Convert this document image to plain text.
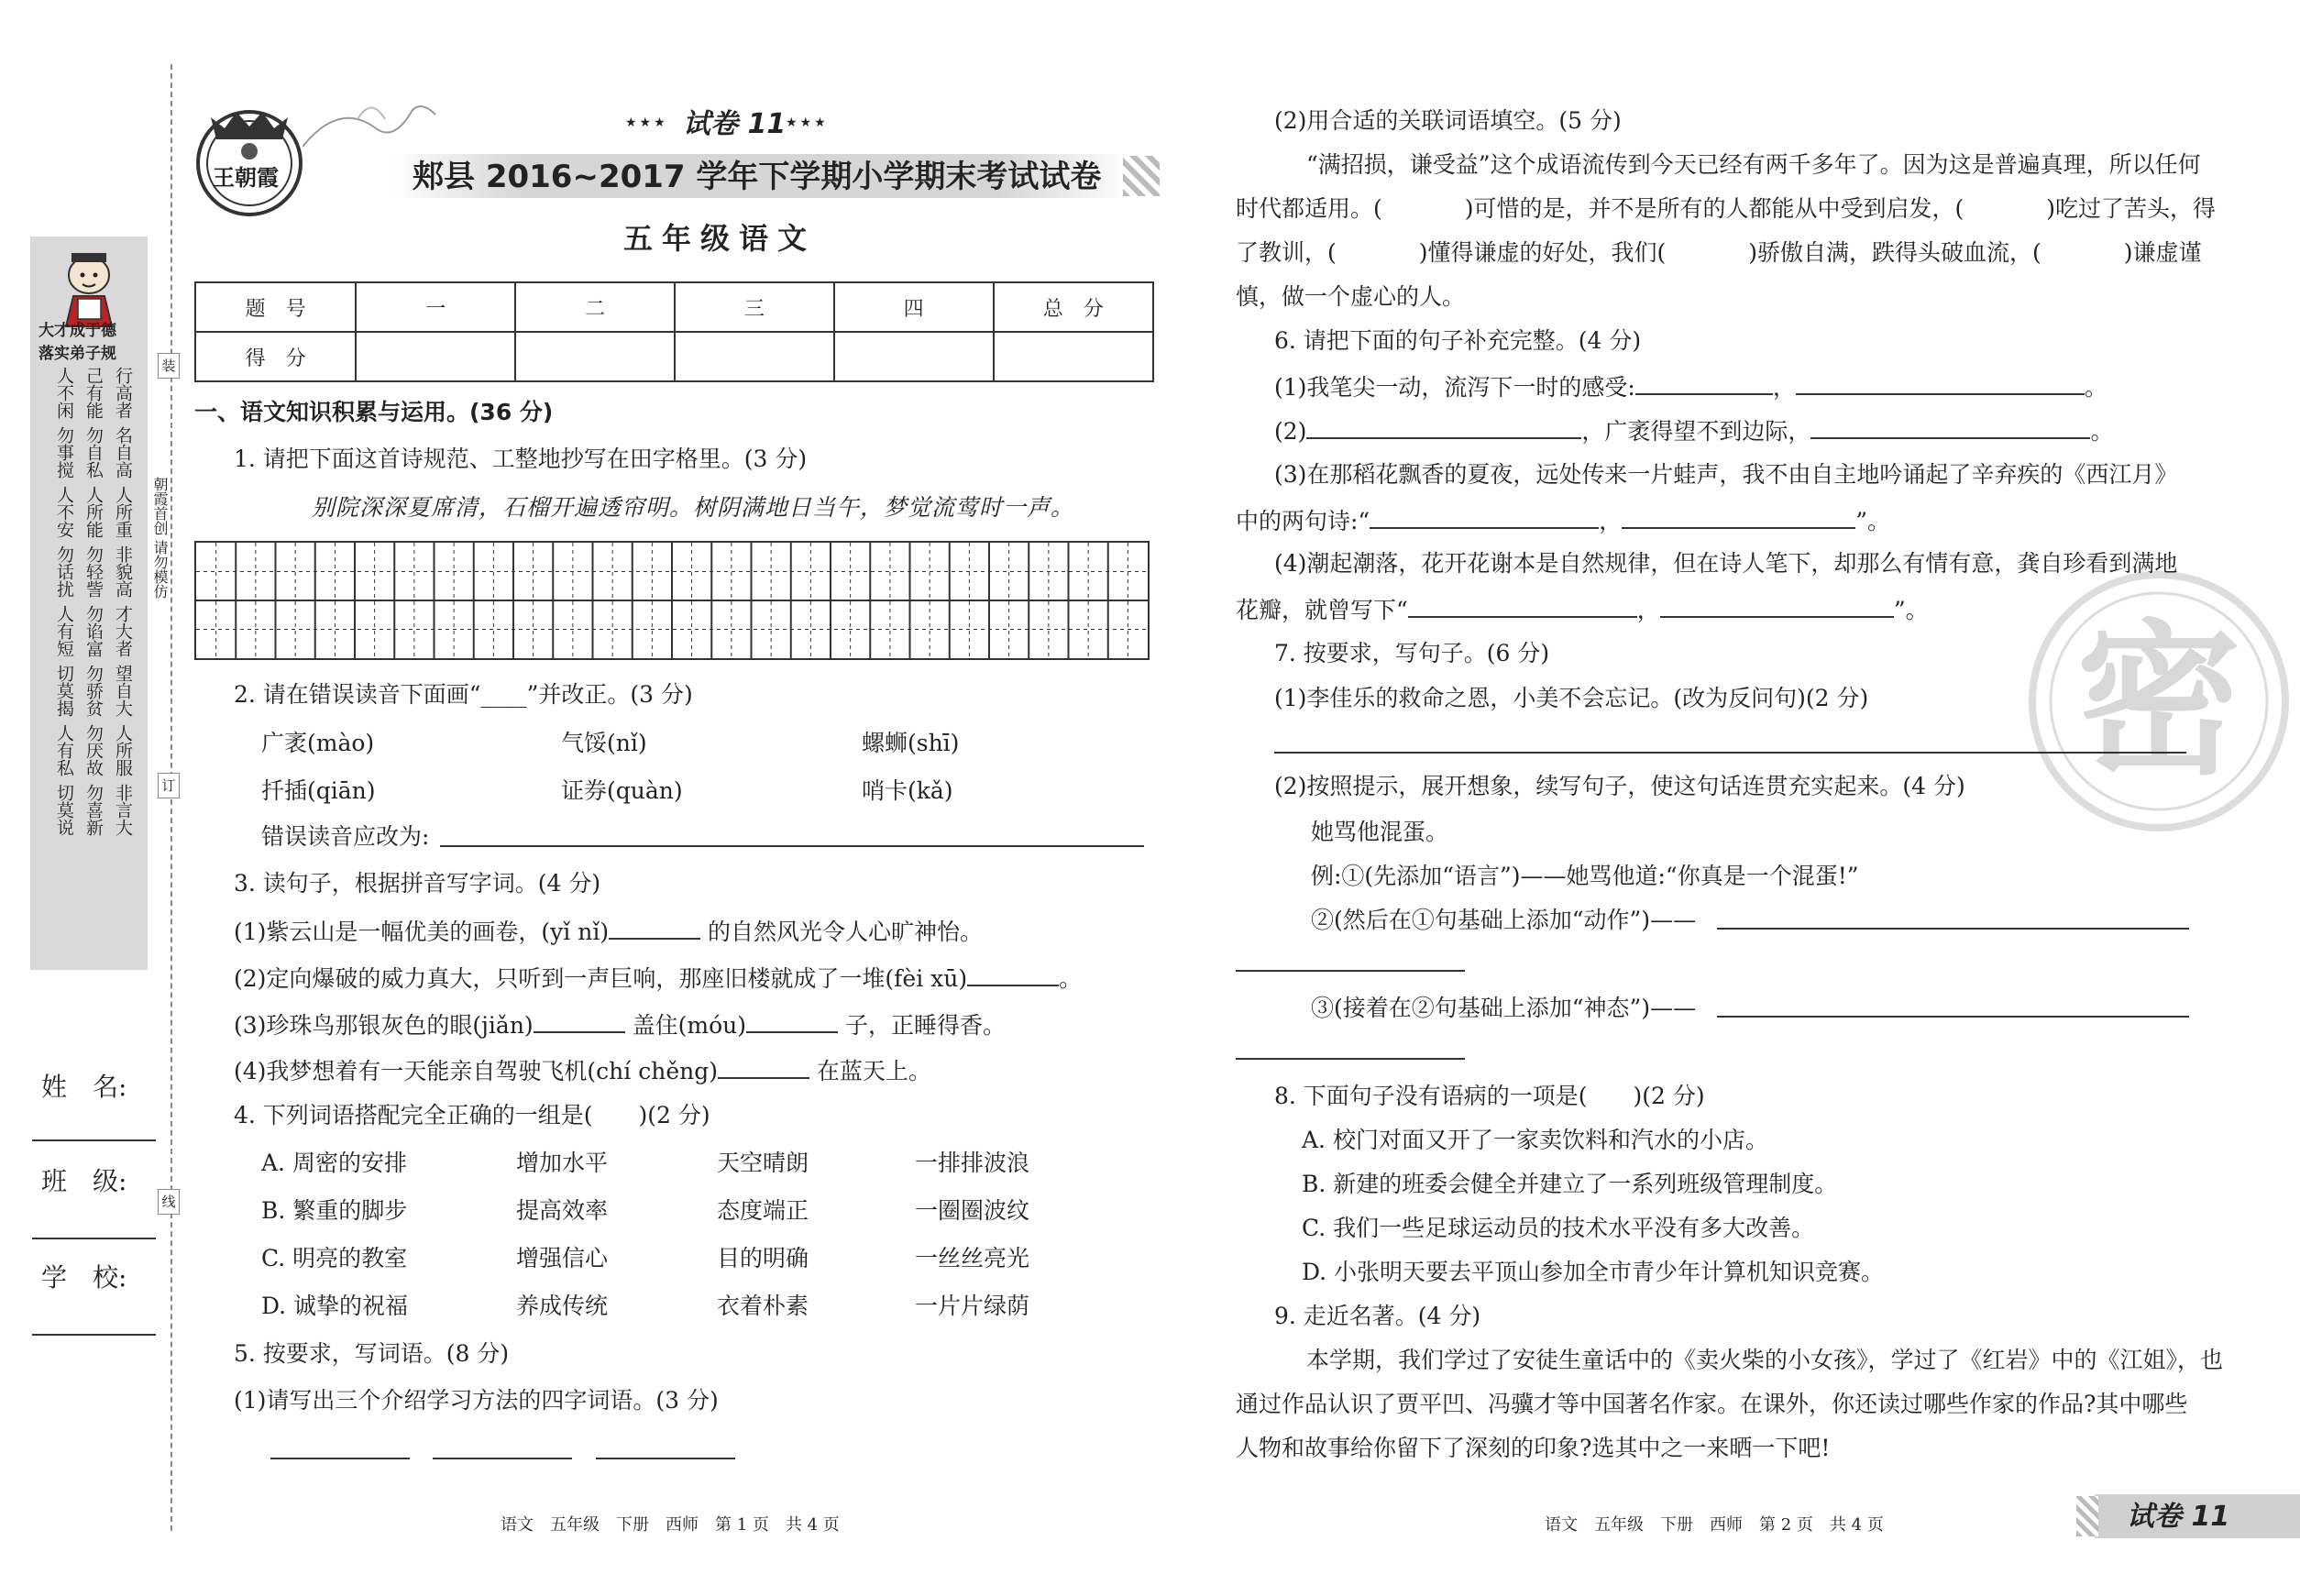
大才成于德
落实弟子规
人不闲 己有能 行高者
勿事搅 勿自私 名自高
人不安 人所能 人所重
勿话扰 勿轻訾 非貌高
人有短 勿谄富 才大者
切莫揭 勿骄贫 望自大
人有私 勿厌故 人所服
切莫说 勿喜新 非言大
朝霞首创 请勿模仿
装
订
线
姓　名:
班　级:
学　校:
王朝霞
★★★ 试卷 11 ★★★
郏县 2016~2017 学年下学期小学期末考试试卷
五年级语文
题　号	一	二	三	四	总　分
得　分					
一、语文知识积累与运用。(36 分)
1. 请把下面这首诗规范、工整地抄写在田字格里。(3 分)
别院深深夏席清，石榴开遍透帘明。树阴满地日当午，梦觉流莺时一声。
2. 请在错误读音下面画“____”并改正。(3 分)
广袤(mào)	气馁(nǐ)	螺蛳(shī)
扦插(qiān)	证券(quàn)	哨卡(kǎ)
错误读音应改为:
3. 读句子，根据拼音写字词。(4 分)
(1)紫云山是一幅优美的画卷，(yǐ nǐ)	的自然风光令人心旷神怡。
(2)定向爆破的威力真大，只听到一声巨响，那座旧楼就成了一堆(fèi xū)	。
(3)珍珠鸟那银灰色的眼(jiǎn)	盖住(móu)	子，正睡得香。
(4)我梦想着有一天能亲自驾驶飞机(chí chěng)	在蓝天上。
4. 下列词语搭配完全正确的一组是(　　)(2 分)
A. 周密的安排	增加水平	天空晴朗	一排排波浪
B. 繁重的脚步	提高效率	态度端正	一圈圈波纹
C. 明亮的教室	增强信心	目的明确	一丝丝亮光
D. 诚挚的祝福	养成传统	衣着朴素	一片片绿荫
5. 按要求，写词语。(8 分)
(1)请写出三个介绍学习方法的四字词语。(3 分)
语文　五年级　下册　西师　第 1 页　共 4 页
密
(2)用合适的关联词语填空。(5 分)
“满招损，谦受益”这个成语流传到今天已经有两千多年了。因为这是普遍真理，所以任何
时代都适用。(	)可惜的是，并不是所有的人都能从中受到启发，(	)吃过了苦头，得
了教训，(	)懂得谦虚的好处，我们(	)骄傲自满，跌得头破血流，(	)谦虚谨
慎，做一个虚心的人。
6. 请把下面的句子补充完整。(4 分)
(1)我笔尖一动，流泻下一时的感受:	，	。
(2)	，广袤得望不到边际，	。
(3)在那稻花飘香的夏夜，远处传来一片蛙声，我不由自主地吟诵起了辛弃疾的《西江月》
中的两句诗:“	，	”。
(4)潮起潮落，花开花谢本是自然规律，但在诗人笔下，却那么有情有意，龚自珍看到满地
花瓣，就曾写下“	，	”。
7. 按要求，写句子。(6 分)
(1)李佳乐的救命之恩，小美不会忘记。(改为反问句)(2 分)
(2)按照提示，展开想象，续写句子，使这句话连贯充实起来。(4 分)
她骂他混蛋。
例:①(先添加“语言”)——她骂他道:“你真是一个混蛋!”
②(然后在①句基础上添加“动作”)——
③(接着在②句基础上添加“神态”)——
8. 下面句子没有语病的一项是(　　)(2 分)
A. 校门对面又开了一家卖饮料和汽水的小店。
B. 新建的班委会健全并建立了一系列班级管理制度。
C. 我们一些足球运动员的技术水平没有多大改善。
D. 小张明天要去平顶山参加全市青少年计算机知识竞赛。
9. 走近名著。(4 分)
本学期，我们学过了安徒生童话中的《卖火柴的小女孩》，学过了《红岩》中的《江姐》，也
通过作品认识了贾平凹、冯骥才等中国著名作家。在课外，你还读过哪些作家的作品?其中哪些
人物和故事给你留下了深刻的印象?选其中之一来晒一下吧!
语文　五年级　下册　西师　第 2 页　共 4 页	试卷 11
